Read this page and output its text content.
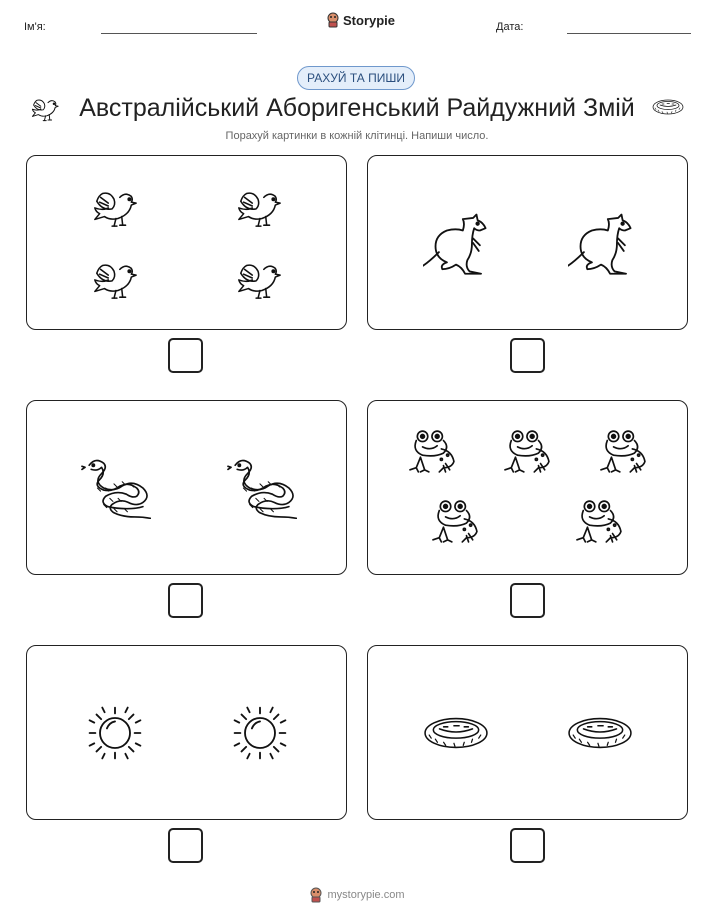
Ім'я:	Storypie	Дата:
РАХУЙ ТА ПИШИ
Австралійський Аборигенський Райдужний Змій
Порахуй картинки в кожній клітинці. Напиши число.
mystorypie.com
